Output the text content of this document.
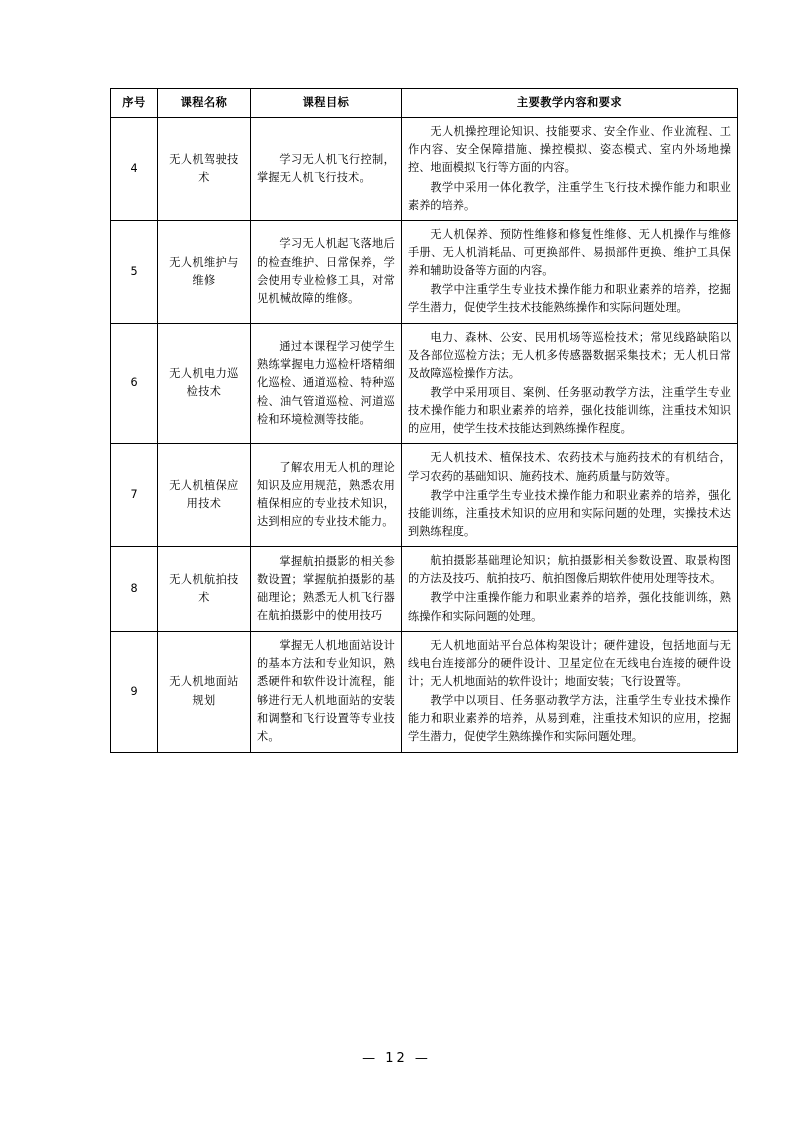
序号	课程名称	课程目标	主要教学内容和要求
4	无人机驾驶技术	学习无人机飞行控制，掌握无人机飞行技术。	无人机操控理论知识、技能要求、安全作业、作业流程、工作内容、安全保障措施、操控模拟、姿态模式、室内外场地操控、地面模拟飞行等方面的内容。

教学中采用一体化教学，注重学生飞行技术操作能力和职业素养的培养。

5	无人机维护与维修	学习无人机起飞落地后的检查维护、日常保养，学会使用专业检修工具，对常见机械故障的维修。	无人机保养、预防性维修和修复性维修、无人机操作与维修手册、无人机消耗品、可更换部件、易损部件更换、维护工具保养和辅助设备等方面的内容。

教学中注重学生专业技术操作能力和职业素养的培养，挖掘学生潜力，促使学生技术技能熟练操作和实际问题处理。

6	无人机电力巡检技术	通过本课程学习使学生熟练掌握电力巡检杆塔精细化巡检、通道巡检、特种巡检、油气管道巡检、河道巡检和环境检测等技能。	电力、森林、公安、民用机场等巡检技术；常见线路缺陷以及各部位巡检方法；无人机多传感器数据采集技术；无人机日常及故障巡检操作方法。

教学中采用项目、案例、任务驱动教学方法，注重学生专业技术操作能力和职业素养的培养，强化技能训练，注重技术知识的应用，使学生技术技能达到熟练操作程度。

7	无人机植保应用技术	了解农用无人机的理论知识及应用规范，熟悉农用植保相应的专业技术知识，达到相应的专业技术能力。	无人机技术、植保技术、农药技术与施药技术的有机结合，学习农药的基础知识、施药技术、施药质量与防效等。

教学中注重学生专业技术操作能力和职业素养的培养，强化技能训练，注重技术知识的应用和实际问题的处理，实操技术达到熟练程度。

8	无人机航拍技术	掌握航拍摄影的相关参数设置；掌握航拍摄影的基础理论；熟悉无人机飞行器在航拍摄影中的使用技巧	航拍摄影基础理论知识；航拍摄影相关参数设置、取景构图的方法及技巧、航拍技巧、航拍图像后期软件使用处理等技术。

教学中注重操作能力和职业素养的培养，强化技能训练，熟练操作和实际问题的处理。

9	无人机地面站规划	掌握无人机地面站设计的基本方法和专业知识，熟悉硬件和软件设计流程，能够进行无人机地面站的安装和调整和飞行设置等专业技术。	无人机地面站平台总体构架设计；硬件建设，包括地面与无线电台连接部分的硬件设计、卫星定位在无线电台连接的硬件设计；无人机地面站的软件设计；地面安装；飞行设置等。

教学中以项目、任务驱动教学方法，注重学生专业技术操作能力和职业素养的培养，从易到难，注重技术知识的应用，挖掘学生潜力，促使学生熟练操作和实际问题处理。

— 12 —
